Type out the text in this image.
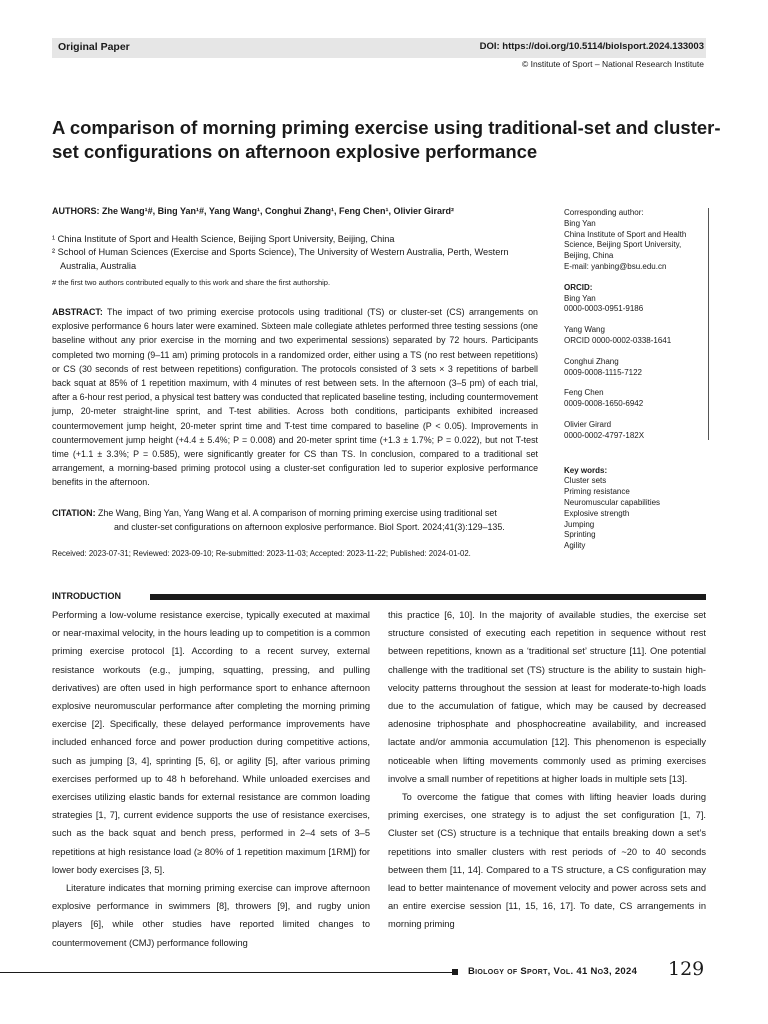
Original Paper	DOI: https://doi.org/10.5114/biolsport.2024.133003
© Institute of Sport – National Research Institute
A comparison of morning priming exercise using traditional-set and cluster-set configurations on afternoon explosive performance
AUTHORS: Zhe Wang¹#, Bing Yan¹#, Yang Wang¹, Conghui Zhang¹, Feng Chen¹, Olivier Girard²

¹ China Institute of Sport and Health Science, Beijing Sport University, Beijing, China

² School of Human Sciences (Exercise and Sports Science), The University of Western Australia, Perth, Western Australia, Australia

# the first two authors contributed equally to this work and share the first authorship.

ABSTRACT: The impact of two priming exercise protocols using traditional (TS) or cluster-set (CS) arrangements on explosive performance 6 hours later were examined. Sixteen male collegiate athletes performed three testing sessions (one baseline without any prior exercise in the morning and two experimental sessions) separated by 72 hours. Participants completed two morning (9–11 am) priming protocols in a randomized order, either using a TS (no rest between repetitions) or CS (30 seconds of rest between repetitions) configuration. The protocols consisted of 3 sets × 3 repetitions of barbell back squat at 85% of 1 repetition maximum, with 4 minutes of rest between sets. In the afternoon (3–5 pm) of each trial, after a 6-hour rest period, a physical test battery was conducted that replicated baseline testing, including countermovement jump, 20-meter straight-line sprint, and T-test abilities. Across both conditions, participants exhibited increased countermovement jump height, 20-meter sprint time and T-test time compared to baseline (P < 0.05). Improvements in countermovement jump height (+4.4 ± 5.4%; P = 0.008) and 20-meter sprint time (+1.3 ± 1.7%; P = 0.022), but not T-test time (+1.1 ± 3.3%; P = 0.585), were significantly greater for CS than TS. In conclusion, compared to a traditional set arrangement, a morning-based priming protocol using a cluster-set configuration led to superior explosive performance benefits in the afternoon.

CITATION: Zhe Wang, Bing Yan, Yang Wang et al. A comparison of morning priming exercise using traditional set
and cluster-set configurations on afternoon explosive performance. Biol Sport. 2024;41(3):129–135.
Received: 2023-07-31; Reviewed: 2023-09-10; Re-submitted: 2023-11-03; Accepted: 2023-11-22; Published: 2024-01-02.
Corresponding author:
Bing Yan
China Institute of Sport and Health Science, Beijing Sport University, Beijing, China
E-mail: yanbing@bsu.edu.cn
ORCID:
Bing Yan
0000-0003-0951-9186
Yang Wang
ORCID 0000-0002-0338-1641
Conghui Zhang
0009-0008-1115-7122
Feng Chen
0009-0008-1650-6942
Olivier Girard
0000-0002-4797-182X
Key words:
Cluster sets
Priming resistance
Neuromuscular capabilities
Explosive strength
Jumping
Sprinting
Agility
INTRODUCTION

Performing a low-volume resistance exercise, typically executed at maximal or near-maximal velocity, in the hours leading up to competition is a common priming exercise protocol [1]. According to a recent survey, external resistance workouts (e.g., jumping, squatting, pressing, and pulling derivatives) are often used in high performance sport to enhance afternoon explosive neuromuscular performance after completing the morning priming exercise [2]. Specifically, these delayed performance improvements have included enhanced force and power production during competitive actions, such as jumping [3, 4], sprinting [5, 6], or agility [5], after various priming exercises performed up to 48 h beforehand. While unloaded exercises and exercises utilizing elastic bands for external resistance are common loading strategies [1, 7], current evidence supports the use of resistance exercises, such as the back squat and bench press, performed in 2–4 sets of 3–5 repetitions at high resistance load (≥ 80% of 1 repetition maximum [1RM]) for lower body exercises [3, 5].

Literature indicates that morning priming exercise can improve afternoon explosive performance in swimmers [8], throwers [9], and rugby union players [6], while other studies have reported limited changes to countermovement (CMJ) performance following

this practice [6, 10]. In the majority of available studies, the exercise set structure consisted of executing each repetition in sequence without rest between repetitions, known as a ‘traditional set’ structure [11]. One potential challenge with the traditional set (TS) structure is the ability to sustain high-velocity patterns throughout the session at least for moderate-to-high loads due to the accumulation of fatigue, which may be caused by decreased adenosine triphosphate and phosphocreatine availability, and increased lactate and/or ammonia accumulation [12]. This phenomenon is especially noticeable when lifting movements commonly used as priming exercises involve a small number of repetitions at higher loads in multiple sets [13].

To overcome the fatigue that comes with lifting heavier loads during priming exercises, one strategy is to adjust the set configuration [1, 7]. Cluster set (CS) structure is a technique that entails breaking down a set’s repetitions into smaller clusters with rest periods of ~20 to 40 seconds between them [11, 14]. Compared to a TS structure, a CS configuration may lead to better maintenance of movement velocity and power across sets and an entire exercise session [11, 15, 16, 17]. To date, CS arrangements in morning priming

Biology of Sport, Vol. 41 No3, 2024 129
